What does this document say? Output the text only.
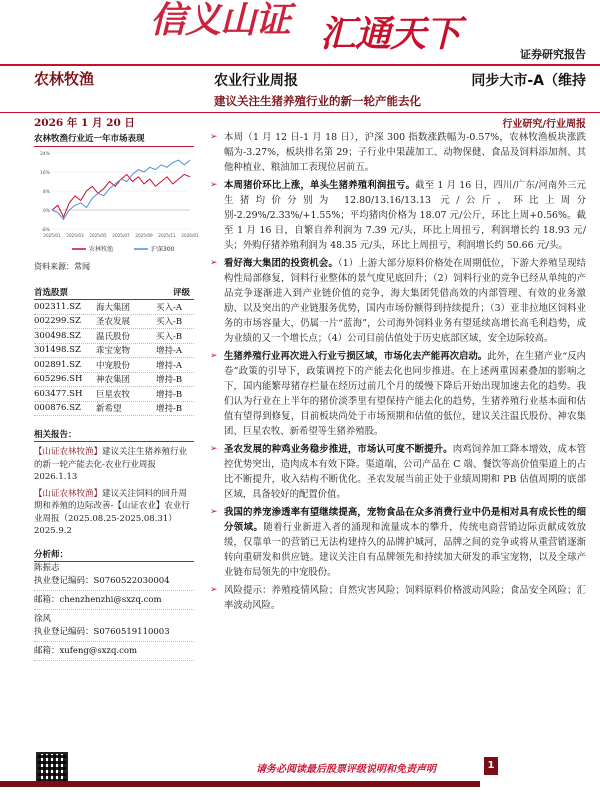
信义山证 汇通天下	证券研究报告
农林牧渔	农业行业周报	同步大市-A（维持
建议关注生猪养殖行业的新一轮产能去化
2026 年 1 月 20 日	行业研究/行业周报
农林牧渔行业近一年市场表现
-8%
0%
8%
16%
24%
2025/01 2025/03 2025/05 2025/07 2025/09 2025/11 2026/01
农林牧渔	沪深300
资料来源：常闻
首选股票	评级
002311.SZ	海大集团	买入-A
002299.SZ	圣农发展	买入-B
300498.SZ	温氏股份	买入-B
301498.SZ	乖宝宠物	增持-A
002891.SZ	中宠股份	增持-A
605296.SH	神农集团	增持-B
603477.SH	巨星农牧	增持-B
000876.SZ	新希望	增持-B
相关报告：
【山证农林牧渔】建议关注生猪养殖行业的新一轮产能去化-农业行业周报 2026.1.13
【山证农林牧渔】建议关注饲料的回升周期和养殖的边际改善-【山证农业】农业行业周报（2025.08.25-2025.08.31）2025.9.2
分析师：
陈振志
执业登记编码：S0760522030004
邮箱：chenzhenzhi@sxzq.com
徐风
执业登记编码：S0760519110003
邮箱：xufeng@sxzq.com
➢ 本周（1 月 12 日-1 月 18 日），沪深 300 指数涨跌幅为-0.57%，农林牧渔板块涨跌幅为-3.27%，板块排名第 29；子行业中果蔬加工、动物保健、食品及饲料添加剂、其他种植业、粮油加工表现位居前五。
➢ 本周猪价环比上涨，单头生猪养殖利润扭亏。截至 1 月 16 日，四川/广东/河南外三元生猪均价分别为 12.80/13.16/13.13 元/公斤，环比上周分别-2.29%/2.33%/+1.55%；平均猪肉价格为 18.07 元/公斤，环比上周+0.56%。截至 1 月 16 日，自繁自养利润为 7.39 元/头，环比上周扭亏，利润增长约 18.93 元/头；外购仔猪养殖利润为 48.35 元/头，环比上周扭亏，利润增长约 50.66 元/头。
➢ 看好海大集团的投资机会。（1）上游大部分原料价格处在周期低位，下游大养殖呈现结构性局部修复，饲料行业整体的景气度见底回升；（2）饲料行业的竞争已经从单纯的产品竞争逐渐进入到产业链价值的竞争，海大集团凭借高效的内部管理、有效的业务激励、以及突出的产业链服务优势，国内市场份额得到持续提升；（3）亚非拉地区饲料业务的市场容量大，仍属一片“蓝海”，公司海外饲料业务有望延续高增长高毛利趋势，成为业绩的又一个增长点；（4）公司目前估值处于历史底部区域，安全边际较高。
➢ 生猪养殖行业再次进入行业亏损区域，市场化去产能再次启动。此外，在生猪产业“反内卷”政策的引导下，政策调控下的产能去化也同步推进。在上述两重因素叠加的影响之下，国内能繁母猪存栏量在经历过前几个月的缓慢下降后开始出现加速去化的趋势。我们认为行业在上半年的猪价淡季里有望保持产能去化的趋势，生猪养殖行业基本面和估值有望得到修复，目前板块尚处于市场预期和估值的低位，建议关注温氏股份、神农集团、巨星农牧、新希望等生猪养殖股。
➢ 圣农发展的种鸡业务稳步推进，市场认可度不断提升。肉鸡饲养加工降本增效，成本管控优势突出，造肉成本有效下降。渠道端，公司产品在 C 端、餐饮等高价值渠道上的占比不断提升，收入结构不断优化。圣农发展当前正处于业绩周期和 PB 估值周期的底部区域，具备较好的配置价值。
➢ 我国的养宠渗透率有望继续提高，宠物食品在众多消费行业中仍是相对具有成长性的细分领域。随着行业新进入者的涌现和流量成本的攀升，传统电商营销边际贡献成效放缓，仅靠单一的营销已无法构建持久的品牌护城河，品牌之间的竞争或将从重营销逐渐转向重研发和供应链。建议关注自有品牌领先和持续加大研发的乖宝宠物，以及全球产业链布局领先的中宠股份。
➢ 风险提示：养殖疫情风险；自然灾害风险；饲料原料价格波动风险；食品安全风险；汇率波动风险。
请务必阅读最后股票评级说明和免责声明	1
